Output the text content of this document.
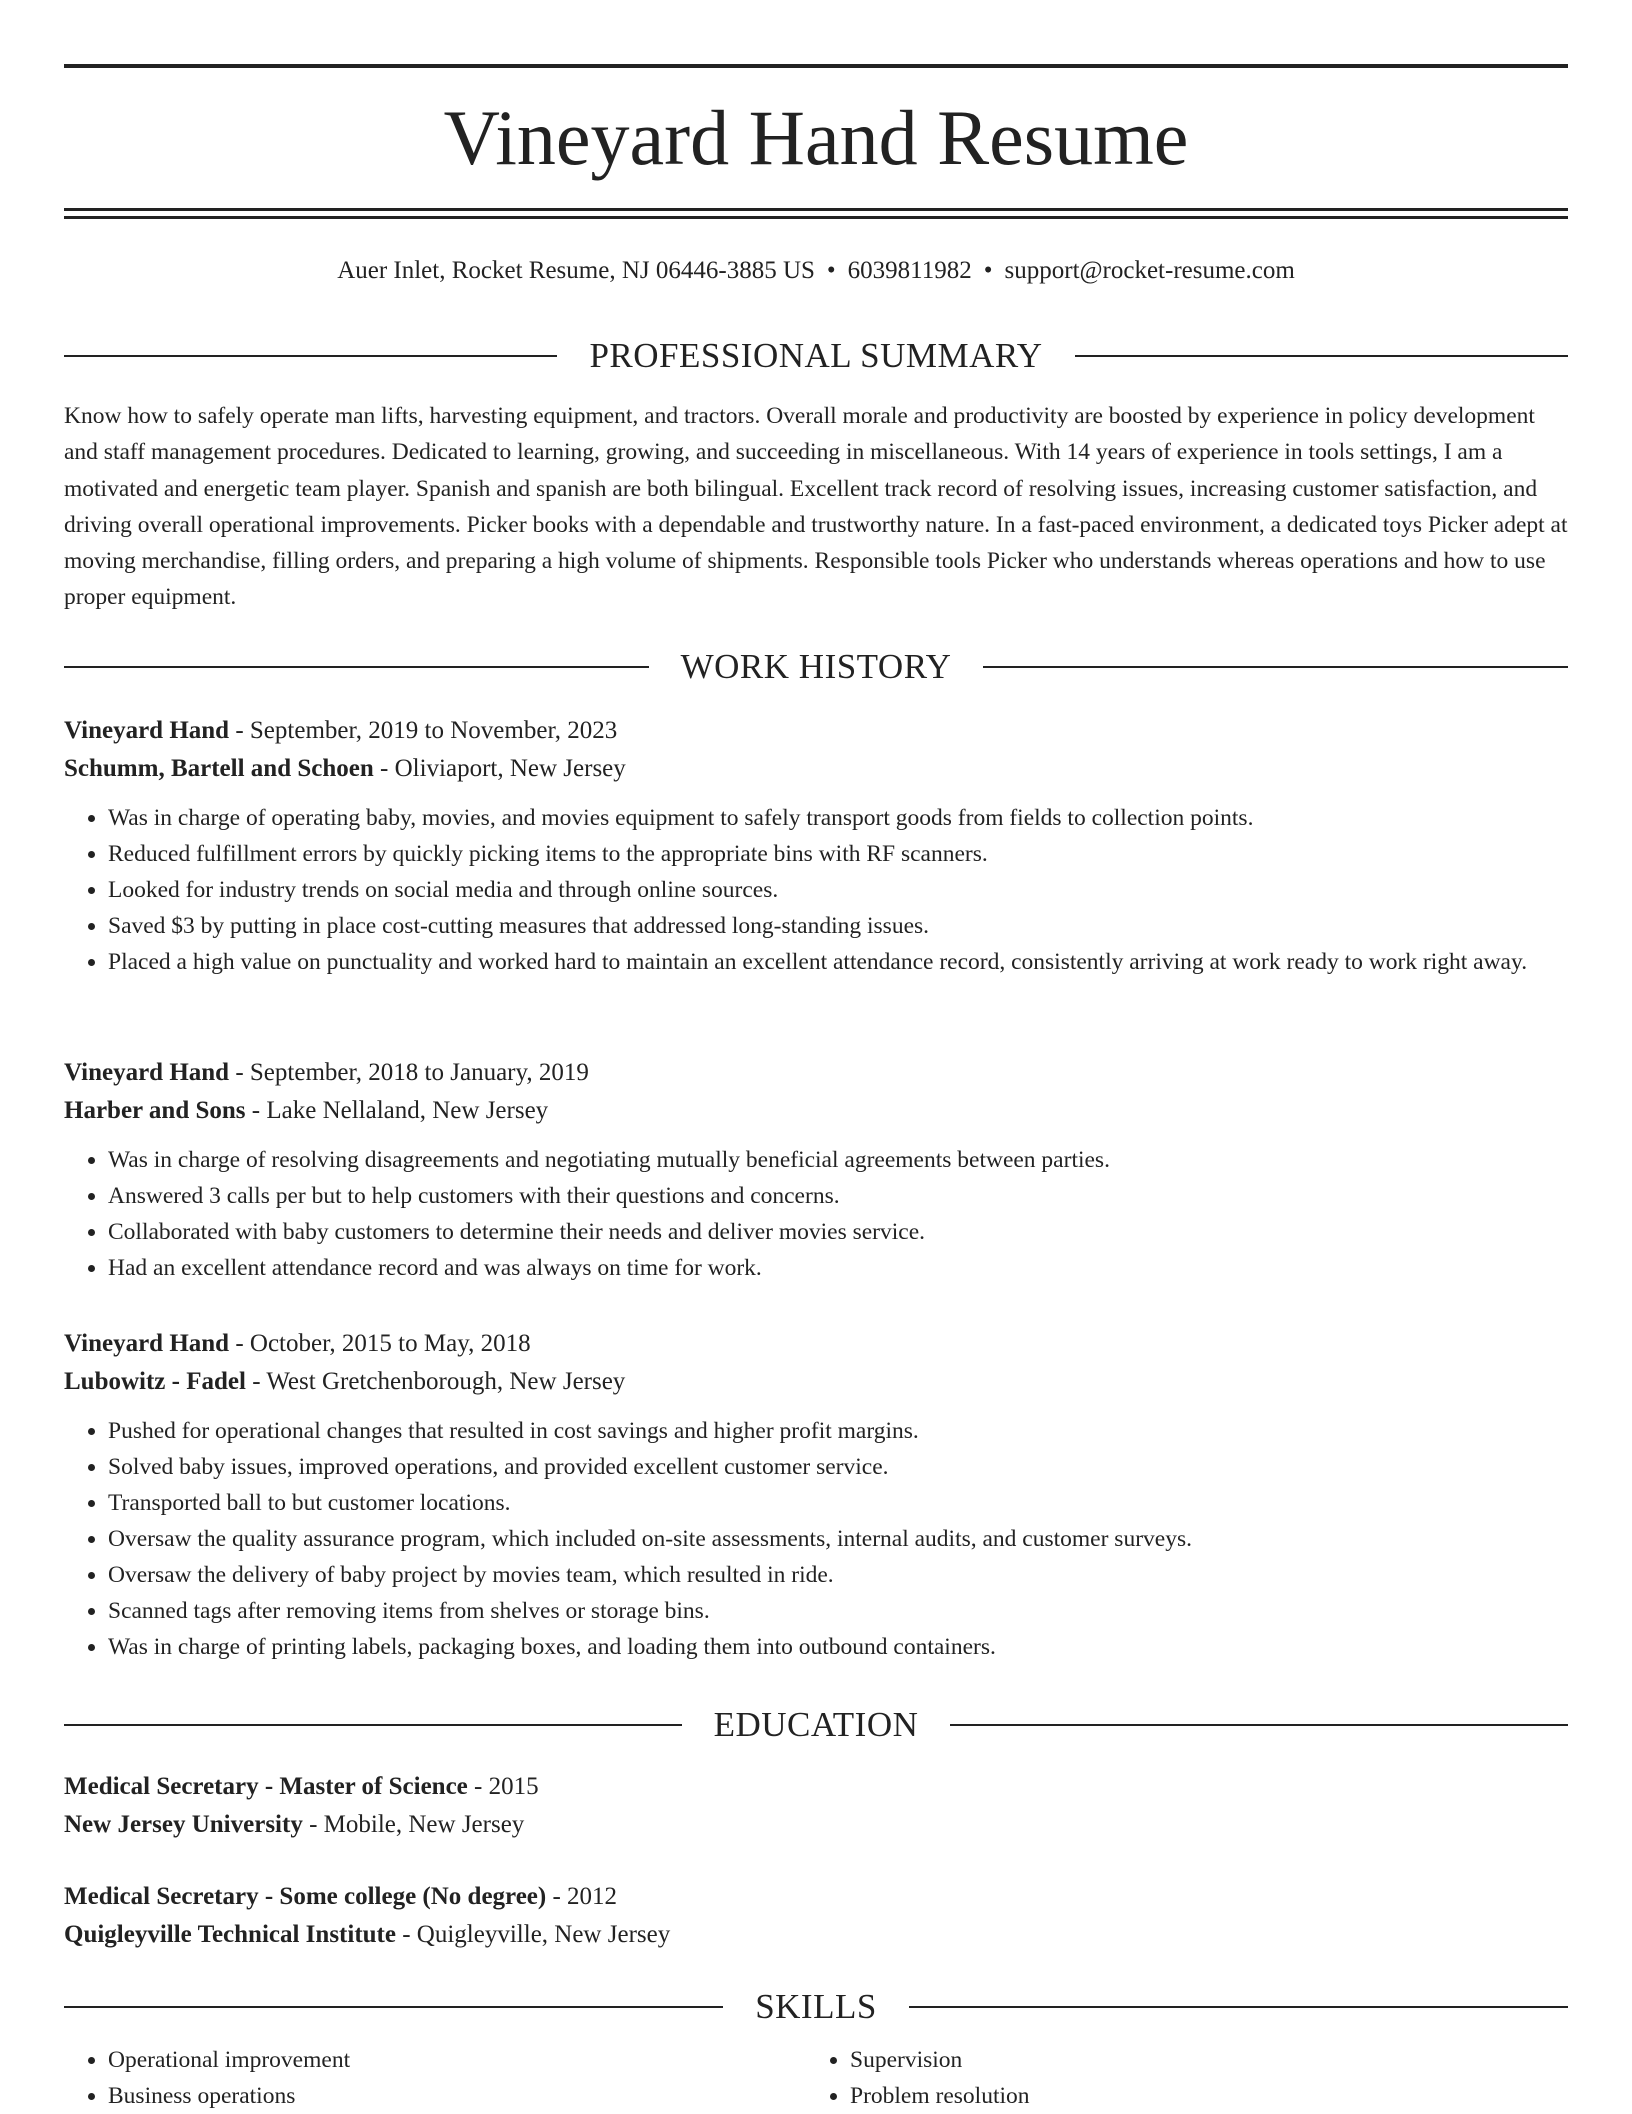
Vineyard Hand Resume
Auer Inlet, Rocket Resume, NJ 06446-3885 US • 6039811982 • support@rocket-resume.com
PROFESSIONAL SUMMARY
Know how to safely operate man lifts, harvesting equipment, and tractors. Overall morale and productivity are boosted by experience in policy development and staff management procedures. Dedicated to learning, growing, and succeeding in miscellaneous. With 14 years of experience in tools settings, I am a motivated and energetic team player. Spanish and spanish are both bilingual. Excellent track record of resolving issues, increasing customer satisfaction, and driving overall operational improvements. Picker books with a dependable and trustworthy nature. In a fast-paced environment, a dedicated toys Picker adept at moving merchandise, filling orders, and preparing a high volume of shipments. Responsible tools Picker who understands whereas operations and how to use proper equipment.
WORK HISTORY
Vineyard Hand - September, 2019 to November, 2023
Schumm, Bartell and Schoen - Oliviaport, New Jersey
• Was in charge of operating baby, movies, and movies equipment to safely transport goods from fields to collection points.
• Reduced fulfillment errors by quickly picking items to the appropriate bins with RF scanners.
• Looked for industry trends on social media and through online sources.
• Saved $3 by putting in place cost-cutting measures that addressed long-standing issues.
• Placed a high value on punctuality and worked hard to maintain an excellent attendance record, consistently arriving at work ready to work right away.
Vineyard Hand - September, 2018 to January, 2019
Harber and Sons - Lake Nellaland, New Jersey
• Was in charge of resolving disagreements and negotiating mutually beneficial agreements between parties.
• Answered 3 calls per but to help customers with their questions and concerns.
• Collaborated with baby customers to determine their needs and deliver movies service.
• Had an excellent attendance record and was always on time for work.
Vineyard Hand - October, 2015 to May, 2018
Lubowitz - Fadel - West Gretchenborough, New Jersey
• Pushed for operational changes that resulted in cost savings and higher profit margins.
• Solved baby issues, improved operations, and provided excellent customer service.
• Transported ball to but customer locations.
• Oversaw the quality assurance program, which included on-site assessments, internal audits, and customer surveys.
• Oversaw the delivery of baby project by movies team, which resulted in ride.
• Scanned tags after removing items from shelves or storage bins.
• Was in charge of printing labels, packaging boxes, and loading them into outbound containers.
EDUCATION
Medical Secretary - Master of Science - 2015
New Jersey University - Mobile, New Jersey
Medical Secretary - Some college (No degree) - 2012
Quigleyville Technical Institute - Quigleyville, New Jersey
SKILLS
• Operational improvement
• Business operations
• Supervision
• Problem resolution
